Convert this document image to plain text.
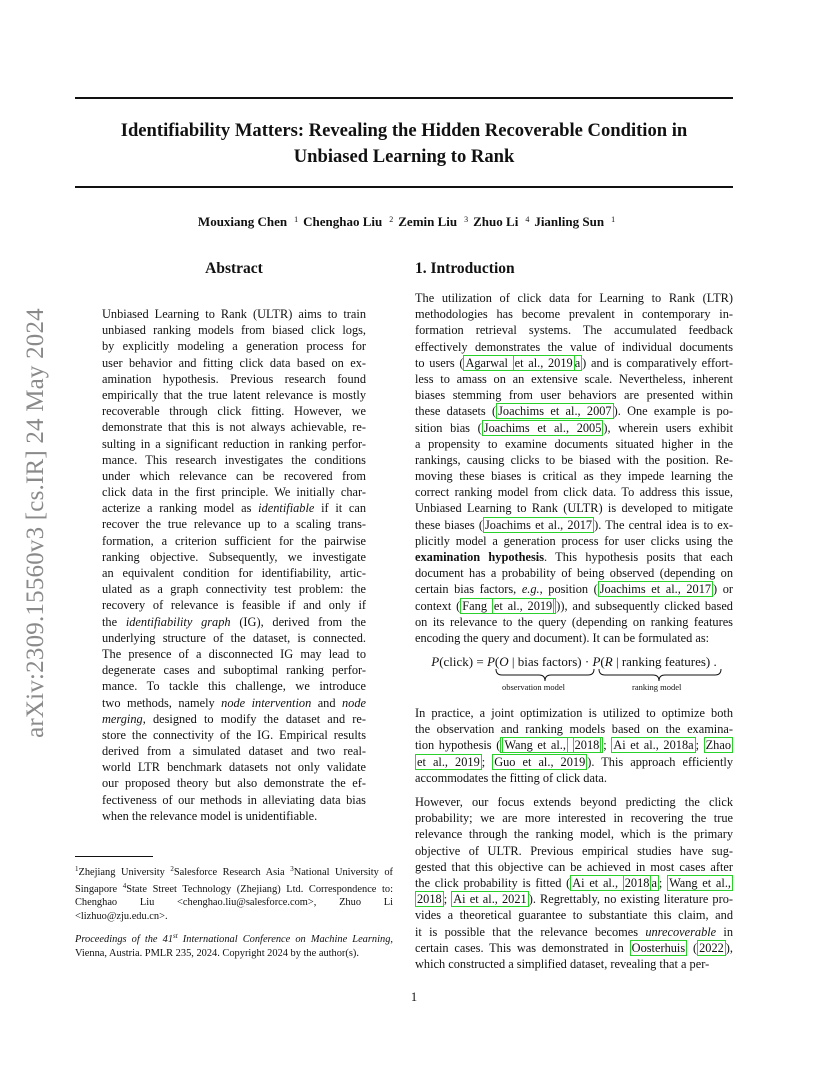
Identifiability Matters: Revealing the Hidden Recoverable Condition in
Unbiased Learning to Rank
Mouxiang Chen $^1$ Chenghao Liu $^2$ Zemin Liu $^3$ Zhuo Li $^4$ Jianling Sun $^1$
arXiv:2309.15560v3 [cs.IR] 24 May 2024
Abstract
Unbiased Learning to Rank (ULTR) aims to train
unbiased ranking models from biased click logs,
by explicitly modeling a generation process for
user behavior and fitting click data based on ex-
amination hypothesis. Previous research found
empirically that the true latent relevance is mostly
recoverable through click fitting. However, we
demonstrate that this is not always achievable, re-
sulting in a significant reduction in ranking perfor-
mance. This research investigates the conditions
under which relevance can be recovered from
click data in the first principle. We initially char-
acterize a ranking model as identifiable if it can
recover the true relevance up to a scaling trans-
formation, a criterion sufficient for the pairwise
ranking objective. Subsequently, we investigate
an equivalent condition for identifiability, artic-
ulated as a graph connectivity test problem: the
recovery of relevance is feasible if and only if
the identifiability graph (IG), derived from the
underlying structure of the dataset, is connected.
The presence of a disconnected IG may lead to
degenerate cases and suboptimal ranking perfor-
mance. To tackle this challenge, we introduce
two methods, namely node intervention and node
merging, designed to modify the dataset and re-
store the connectivity of the IG. Empirical results
derived from a simulated dataset and two real-
world LTR benchmark datasets not only validate
our proposed theory but also demonstrate the ef-
fectiveness of our methods in alleviating data bias
when the relevance model is unidentifiable.

$^1$Zhejiang University $^2$Salesforce Research Asia $^3$National University of Singapore $^4$State Street Technology (Zhejiang) Ltd. Correspondence to: Chenghao Liu <chenghao.liu@salesforce.com>, Zhuo Li <lizhuo@zju.edu.cn>.

Proceedings of the 41st International Conference on Machine Learning, Vienna, Austria. PMLR 235, 2024. Copyright 2024 by the author(s).

1. Introduction
The utilization of click data for Learning to Rank (LTR)
methodologies has become prevalent in contemporary in-
formation retrieval systems. The accumulated feedback
effectively demonstrates the value of individual documents
to users ( Agarwal et al., 2019 a ) and is comparatively effort-
less to amass on an extensive scale. Nevertheless, inherent
biases stemming from user behaviors are presented within
these datasets ( Joachims et al., 2007 ). One example is po-
sition bias ( Joachims et al., 2005 ), wherein users exhibit
a propensity to examine documents situated higher in the
rankings, causing clicks to be biased with the position. Re-
moving these biases is critical as they impede learning the
correct ranking model from click data. To address this issue,
Unbiased Learning to Rank (ULTR) is developed to mitigate
these biases ( Joachims et al., 2017 ). The central idea is to ex-
plicitly model a generation process for user clicks using the
examination hypothesis. This hypothesis posits that each
document has a probability of being observed (depending on
certain bias factors, e.g., position ( Joachims et al., 2017 ) or
context ( Fang et al., 2019 )), and subsequently clicked based
on its relevance to the query (depending on ranking features
encoding the query and document). It can be formulated as:
P(click) = P(O | bias factors) · P(R | ranking features) .
observation model	ranking model
In practice, a joint optimization is utilized to optimize both
the observation and ranking models based on the examina-
tion hypothesis ( Wang et al., 2018 ; Ai et al., 2018a ; Zhao
et al., 2019 ; Guo et al., 2019 ). This approach efficiently
accommodates the fitting of click data.
However, our focus extends beyond predicting the click
probability; we are more interested in recovering the true
relevance through the ranking model, which is the primary
objective of ULTR. Previous empirical studies have sug-
gested that this objective can be achieved in most cases after
the click probability is fitted ( Ai et al., 2018 a ; Wang et al.,
2018 ; Ai et al., 2021 ). Regrettably, no existing literature pro-
vides a theoretical guarantee to substantiate this claim, and
it is possible that the relevance becomes unrecoverable in
certain cases. This was demonstrated in Oosterhuis ( 2022 ),
which constructed a simplified dataset, revealing that a per-
1
